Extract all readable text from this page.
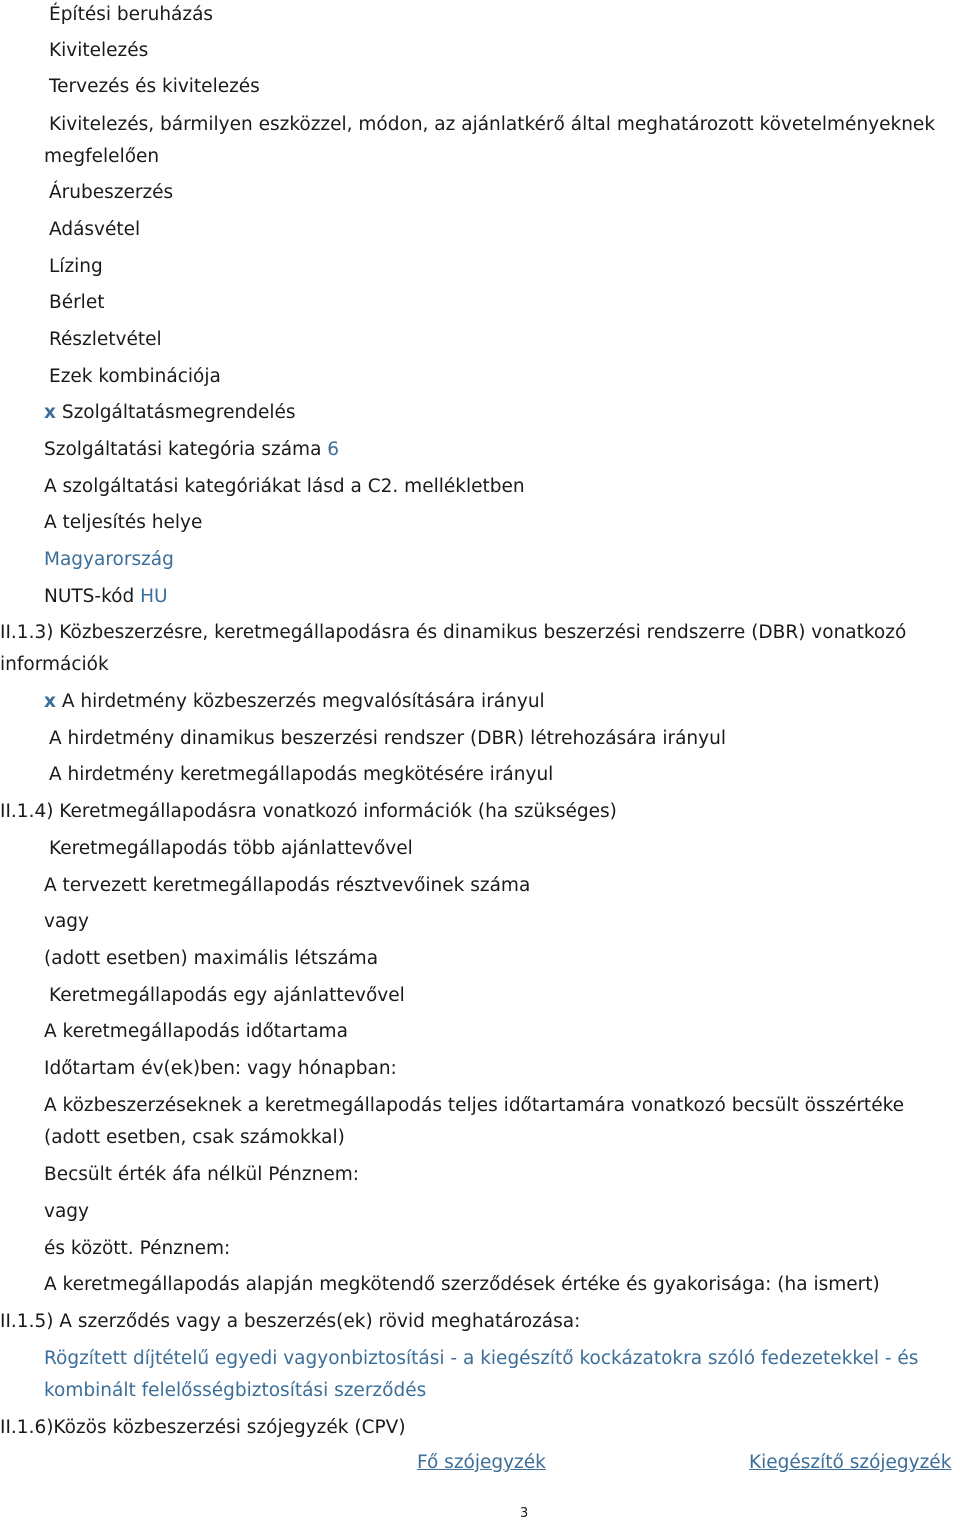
Építési beruházás
Kivitelezés
Tervezés és kivitelezés
Kivitelezés, bármilyen eszközzel, módon, az ajánlatkérő által meghatározott követelményeknek
megfelelően
Árubeszerzés
Adásvétel
Lízing
Bérlet
Részletvétel
Ezek kombinációja
x Szolgáltatásmegrendelés
Szolgáltatási kategória száma 6
A szolgáltatási kategóriákat lásd a C2. mellékletben
A teljesítés helye
Magyarország
NUTS-kód HU
II.1.3) Közbeszerzésre, keretmegállapodásra és dinamikus beszerzési rendszerre (DBR) vonatkozó
információk
x A hirdetmény közbeszerzés megvalósítására irányul
A hirdetmény dinamikus beszerzési rendszer (DBR) létrehozására irányul
A hirdetmény keretmegállapodás megkötésére irányul
II.1.4) Keretmegállapodásra vonatkozó információk (ha szükséges)
Keretmegállapodás több ajánlattevővel
A tervezett keretmegállapodás résztvevőinek száma
vagy
(adott esetben) maximális létszáma
Keretmegállapodás egy ajánlattevővel
A keretmegállapodás időtartama
Időtartam év(ek)ben: vagy hónapban:
A közbeszerzéseknek a keretmegállapodás teljes időtartamára vonatkozó becsült összértéke
(adott esetben, csak számokkal)
Becsült érték áfa nélkül Pénznem:
vagy
és között. Pénznem:
A keretmegállapodás alapján megkötendő szerződések értéke és gyakorisága: (ha ismert)
II.1.5) A szerződés vagy a beszerzés(ek) rövid meghatározása:
Rögzített díjtételű egyedi vagyonbiztosítási - a kiegészítő kockázatokra szóló fedezetekkel - és
kombinált felelősségbiztosítási szerződés
II.1.6)Közös közbeszerzési szójegyzék (CPV)
Fő szójegyzék	Kiegészítő szójegyzék
3
